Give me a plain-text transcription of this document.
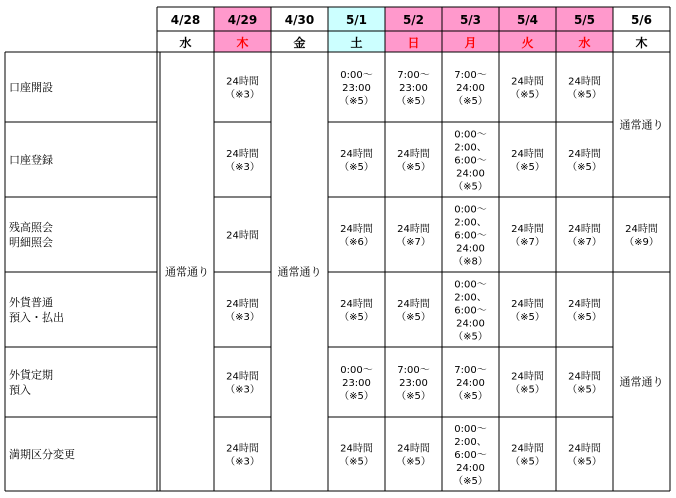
4/28
水
4/29
木
4/30
金
5/1
土
5/2
日
5/3
月
5/4
火
5/5
水
5/6
木
口座開設
口座登録
残高照会
明細照会
外貨普通
預入・払出
外貨定期
預入
満期区分変更
通常通り	通常通り
通常通り
通常通り
24時間
（※3）
0:00～
23:00
（※5）
7:00～
23:00
（※5）
7:00～
24:00
（※5）
24時間
（※5）
24時間
（※5）
24時間
（※3）
24時間
（※5）
24時間
（※5）
0:00～
2:00、
6:00～
24:00
（※5）
24時間
（※5）
24時間
（※5）
24時間
24時間
（※6）
24時間
（※7）
0:00～
2:00、
6:00～
24:00
（※8）
24時間
（※7）
24時間
（※7）
24時間
（※9）
24時間
（※3）
24時間
（※5）
24時間
（※5）
0:00～
2:00、
6:00～
24:00
（※5）
24時間
（※5）
24時間
（※5）
24時間
（※3）
0:00～
23:00
（※5）
7:00～
23:00
（※5）
7:00～
24:00
（※5）
24時間
（※5）
24時間
（※5）
24時間
（※3）
24時間
（※5）
24時間
（※5）
0:00～
2:00、
6:00～
24:00
（※5）
24時間
（※5）
24時間
（※5）
